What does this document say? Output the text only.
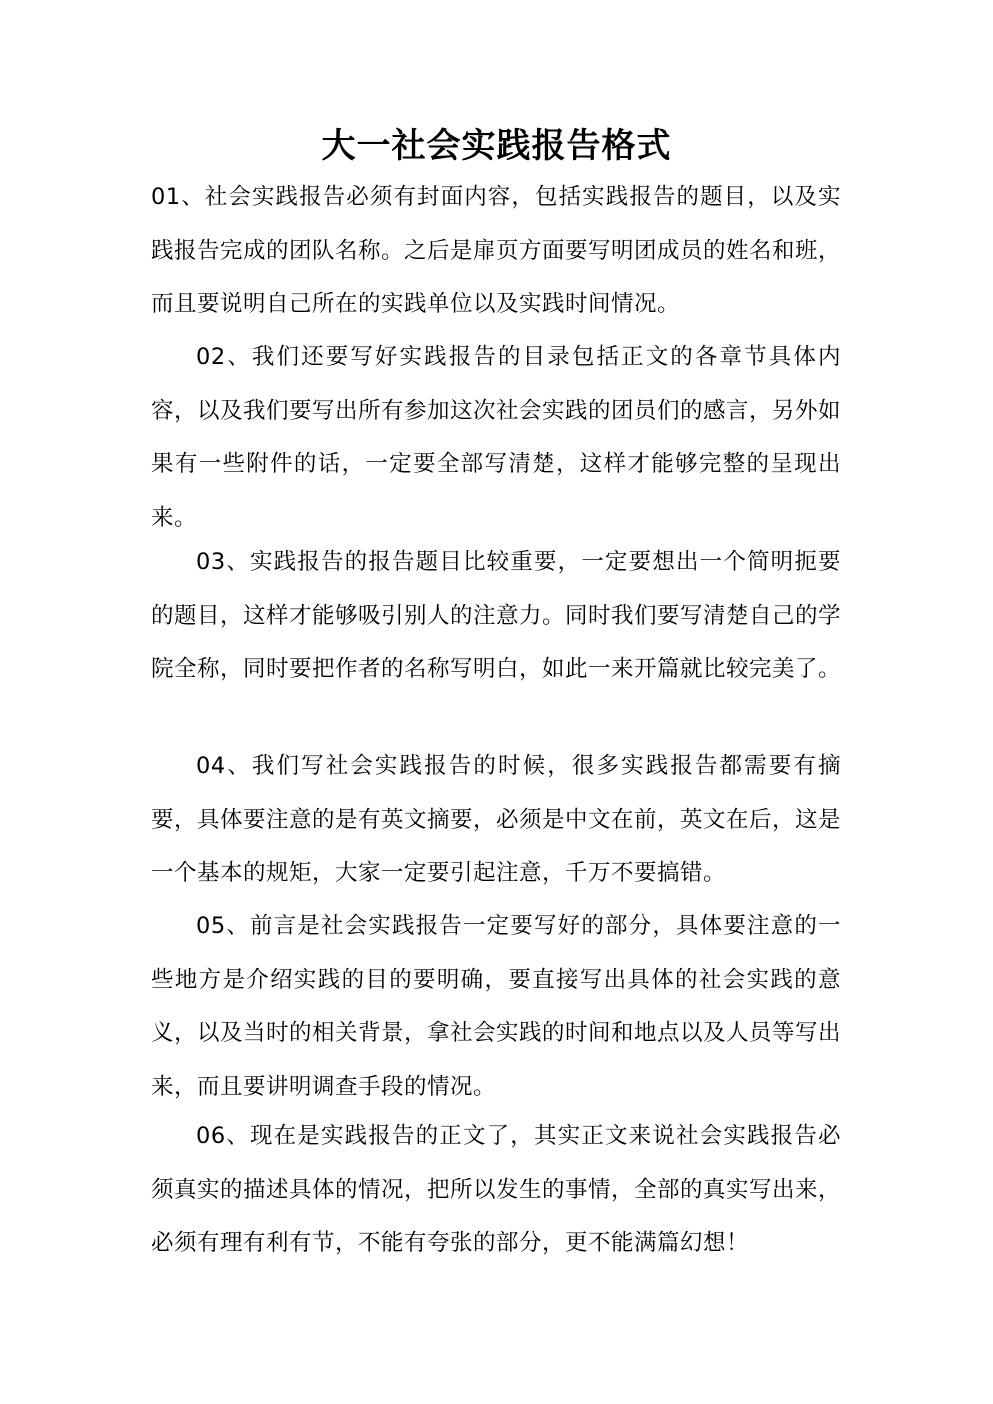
大一社会实践报告格式

01、社会实践报告必须有封面内容，包括实践报告的题目，以及实践报告完成的团队名称。之后是扉页方面要写明团成员的姓名和班，而且要说明自己所在的实践单位以及实践时间情况。

02、我们还要写好实践报告的目录包括正文的各章节具体内容，以及我们要写出所有参加这次社会实践的团员们的感言，另外如果有一些附件的话，一定要全部写清楚，这样才能够完整的呈现出来。

03、实践报告的报告题目比较重要，一定要想出一个简明扼要的题目，这样才能够吸引别人的注意力。同时我们要写清楚自己的学院全称，同时要把作者的名称写明白，如此一来开篇就比较完美了。

04、我们写社会实践报告的时候，很多实践报告都需要有摘要，具体要注意的是有英文摘要，必须是中文在前，英文在后，这是一个基本的规矩，大家一定要引起注意，千万不要搞错。

05、前言是社会实践报告一定要写好的部分，具体要注意的一些地方是介绍实践的目的要明确，要直接写出具体的社会实践的意义，以及当时的相关背景，拿社会实践的时间和地点以及人员等写出来，而且要讲明调查手段的情况。

06、现在是实践报告的正文了，其实正文来说社会实践报告必须真实的描述具体的情况，把所以发生的事情，全部的真实写出来，必须有理有利有节，不能有夸张的部分，更不能满篇幻想！
